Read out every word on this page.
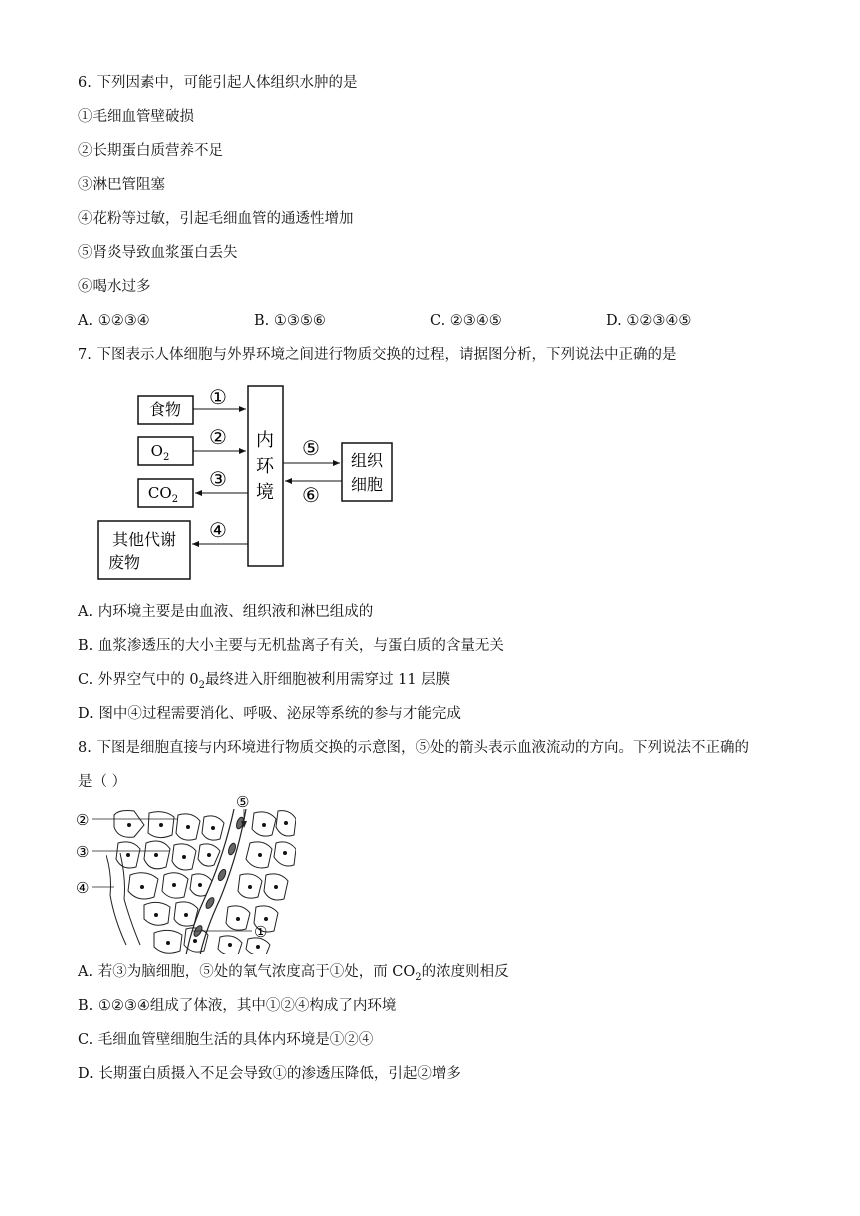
6. 下列因素中，可能引起人体组织水肿的是
①毛细血管壁破损
②长期蛋白质营养不足
③淋巴管阻塞
④花粉等过敏，引起毛细血管的通透性增加
⑤肾炎导致血浆蛋白丢失
⑥喝水过多
A. ①②③④	B. ①③⑤⑥	C. ②③④⑤	D. ①②③④⑤
7. 下图表示人体细胞与外界环境之间进行物质交换的过程，请据图分析，下列说法中正确的是
食物
$O_2$
$CO_2$
其他代谢
废物
内
环
境
组织
细胞
①
②
③
④
⑤
⑥
A. 内环境主要是由血液、组织液和淋巴组成的
B. 血浆渗透压的大小主要与无机盐离子有关，与蛋白质的含量无关
C. 外界空气中的 $0_2$最终进入肝细胞被利用需穿过 11 层膜
D. 图中④过程需要消化、呼吸、泌尿等系统的参与才能完成
8. 下图是细胞直接与内环境进行物质交换的示意图，⑤处的箭头表示血液流动的方向。下列说法不正确的
是（ ）
②
③
④
⑤
①
A. 若③为脑细胞，⑤处的氧气浓度高于①处，而 $CO_2$的浓度则相反
B. ①②③④组成了体液，其中①②④构成了内环境
C. 毛细血管壁细胞生活的具体内环境是①②④
D. 长期蛋白质摄入不足会导致①的渗透压降低，引起②增多
